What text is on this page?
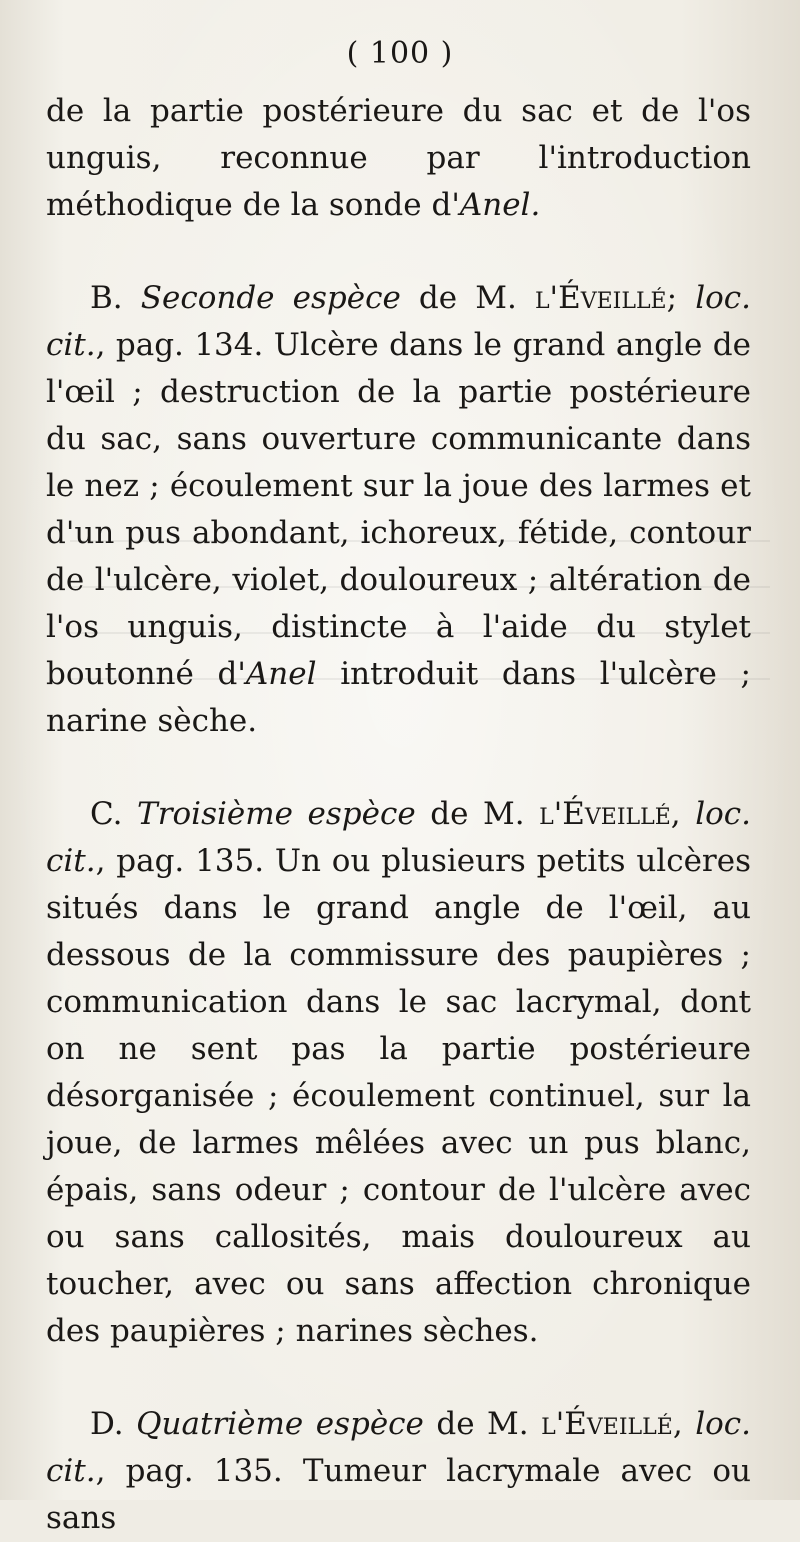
( 100 )

de la partie postérieure du sac et de l'os unguis, reconnue par l'introduction méthodique de la sonde d'Anel.

B. Seconde espèce de M. l'Éveillé; loc. cit., pag. 134. Ulcère dans le grand angle de l'œil ; destruction de la partie postérieure du sac, sans ouverture communicante dans le nez ; écoulement sur la joue des larmes et d'un pus abondant, ichoreux, fétide, contour de l'ulcère, violet, douloureux ; altération de l'os unguis, distincte à l'aide du stylet boutonné d'Anel introduit dans l'ulcère ; narine sèche.

C. Troisième espèce de M. l'Éveillé, loc. cit., pag. 135. Un ou plusieurs petits ulcères situés dans le grand angle de l'œil, au dessous de la commissure des paupières ; communication dans le sac lacrymal, dont on ne sent pas la partie postérieure désorganisée ; écoulement continuel, sur la joue, de larmes mêlées avec un pus blanc, épais, sans odeur ; contour de l'ulcère avec ou sans callosités, mais douloureux au toucher, avec ou sans affection chronique des paupières ; narines sèches.

D. Quatrième espèce de M. l'Éveillé, loc. cit., pag. 135. Tumeur lacrymale avec ou sans
